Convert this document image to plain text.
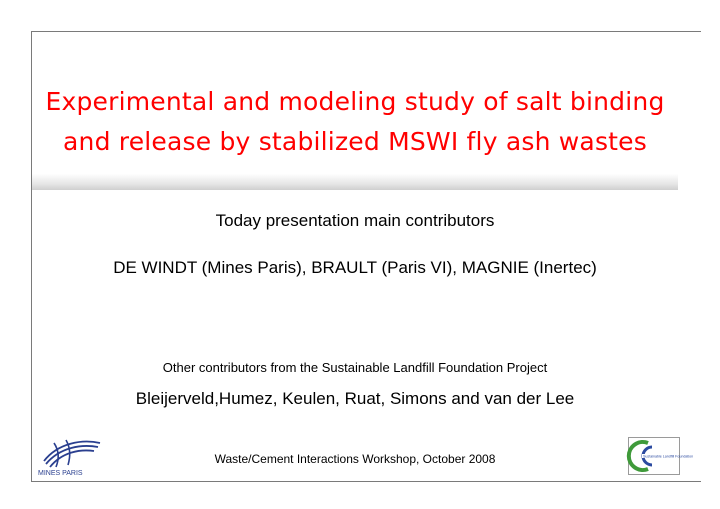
Experimental and modeling study of salt binding
and release by stabilized MSWI fly ash wastes
Today presentation main contributors
DE WINDT (Mines Paris), BRAULT (Paris VI), MAGNIE (Inertec)
Other contributors from the Sustainable Landfill Foundation Project
Bleijerveld,Humez, Keulen, Ruat, Simons and van der Lee
Waste/Cement Interactions Workshop, October 2008
MINES PARIS
Sustainable Landfill Foundation
